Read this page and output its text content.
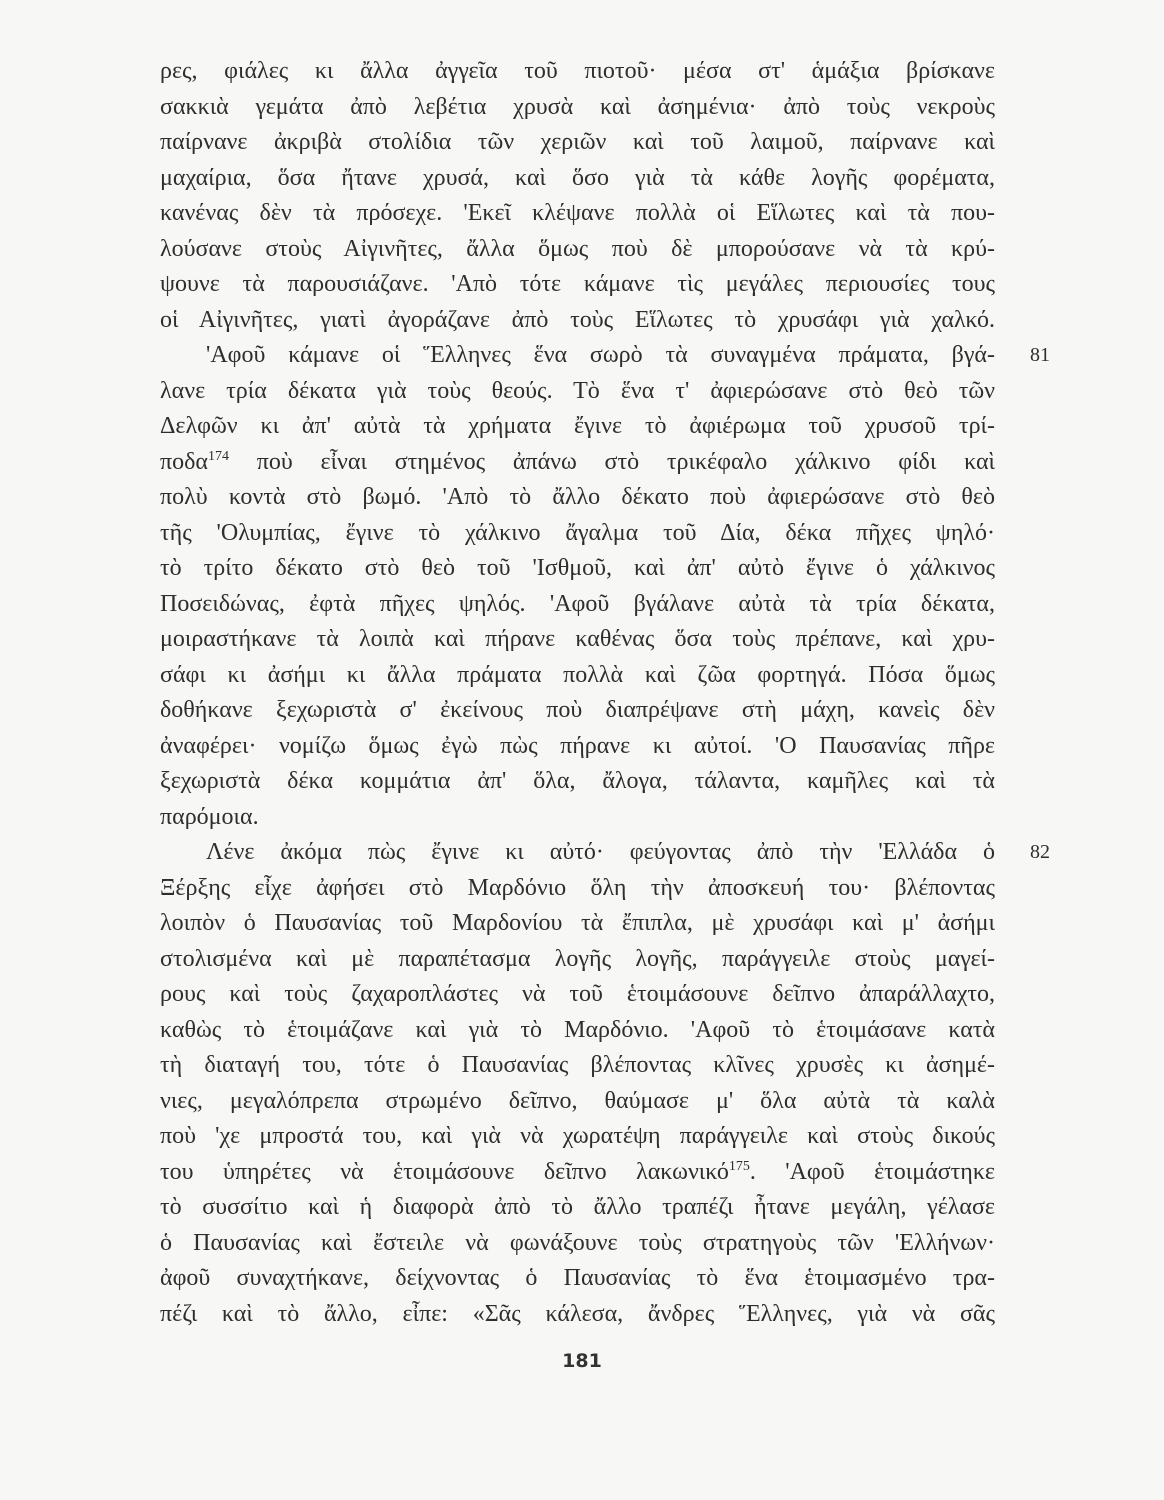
ρες, φιάλες κι ἄλλα ἀγγεῖα τοῦ πιοτοῦ· μέσα στ' ἁμάξια βρίσκανε
σακκιὰ γεμάτα ἀπὸ λεβέτια χρυσὰ καὶ ἀσημένια· ἀπὸ τοὺς νεκροὺς
παίρνανε ἀκριβὰ στολίδια τῶν χεριῶν καὶ τοῦ λαιμοῦ, παίρνανε καὶ
μαχαίρια, ὅσα ἤτανε χρυσά, καὶ ὅσο γιὰ τὰ κάθε λογῆς φορέματα,
κανένας δὲν τὰ πρόσεχε. 'Εκεῖ κλέψανε πολλὰ οἱ Εἵλωτες καὶ τὰ που-
λούσανε στοὺς Αἰγινῆτες, ἄλλα ὅμως ποὺ δὲ μπορούσανε νὰ τὰ κρύ-
ψουνε τὰ παρουσιάζανε. 'Απὸ τότε κάμανε τὶς μεγάλες περιουσίες τους
οἱ Αἰγινῆτες, γιατὶ ἀγοράζανε ἀπὸ τοὺς Εἵλωτες τὸ χρυσάφι γιὰ χαλκό.
'Αφοῦ κάμανε οἱ Ἕλληνες ἕνα σωρὸ τὰ συναγμένα πράματα, βγά- 81
λανε τρία δέκατα γιὰ τοὺς θεούς. Τὸ ἕνα τ' ἀφιερώσανε στὸ θεὸ τῶν
Δελφῶν κι ἀπ' αὐτὰ τὰ χρήματα ἔγινε τὸ ἀφιέρωμα τοῦ χρυσοῦ τρί-
ποδα$^{174}$ ποὺ εἶναι στημένος ἀπάνω στὸ τρικέφαλο χάλκινο φίδι καὶ
πολὺ κοντὰ στὸ βωμό. 'Απὸ τὸ ἄλλο δέκατο ποὺ ἀφιερώσανε στὸ θεὸ
τῆς 'Ολυμπίας, ἔγινε τὸ χάλκινο ἄγαλμα τοῦ Δία, δέκα πῆχες ψηλό·
τὸ τρίτο δέκατο στὸ θεὸ τοῦ 'Ισθμοῦ, καὶ ἀπ' αὐτὸ ἔγινε ὁ χάλκινος
Ποσειδώνας, ἐφτὰ πῆχες ψηλός. 'Αφοῦ βγάλανε αὐτὰ τὰ τρία δέκατα,
μοιραστήκανε τὰ λοιπὰ καὶ πήρανε καθένας ὅσα τοὺς πρέπανε, καὶ χρυ-
σάφι κι ἀσήμι κι ἄλλα πράματα πολλὰ καὶ ζῶα φορτηγά. Πόσα ὅμως
δοθήκανε ξεχωριστὰ σ' ἐκείνους ποὺ διαπρέψανε στὴ μάχη, κανεὶς δὲν
ἀναφέρει· νομίζω ὅμως ἐγὼ πὼς πήρανε κι αὐτοί. 'Ο Παυσανίας πῆρε
ξεχωριστὰ δέκα κομμάτια ἀπ' ὅλα, ἄλογα, τάλαντα, καμῆλες καὶ τὰ
παρόμοια.
Λένε ἀκόμα πὼς ἔγινε κι αὐτό· φεύγοντας ἀπὸ τὴν 'Ελλάδα ὁ 82
Ξέρξης εἶχε ἀφήσει στὸ Μαρδόνιο ὅλη τὴν ἀποσκευή του· βλέποντας
λοιπὸν ὁ Παυσανίας τοῦ Μαρδονίου τὰ ἔπιπλα, μὲ χρυσάφι καὶ μ' ἀσήμι
στολισμένα καὶ μὲ παραπέτασμα λογῆς λογῆς, παράγγειλε στοὺς μαγεί-
ρους καὶ τοὺς ζαχαροπλάστες νὰ τοῦ ἑτοιμάσουνε δεῖπνο ἀπαράλλαχτο,
καθὼς τὸ ἑτοιμάζανε καὶ γιὰ τὸ Μαρδόνιο. 'Αφοῦ τὸ ἑτοιμάσανε κατὰ
τὴ διαταγή του, τότε ὁ Παυσανίας βλέποντας κλῖνες χρυσὲς κι ἀσημέ-
νιες, μεγαλόπρεπα στρωμένο δεῖπνο, θαύμασε μ' ὅλα αὐτὰ τὰ καλὰ
ποὺ 'χε μπροστά του, καὶ γιὰ νὰ χωρατέψη παράγγειλε καὶ στοὺς δικούς
του ὑπηρέτες νὰ ἑτοιμάσουνε δεῖπνο λακωνικό$^{175}$. 'Αφοῦ ἑτοιμάστηκε
τὸ συσσίτιο καὶ ἡ διαφορὰ ἀπὸ τὸ ἄλλο τραπέζι ἦτανε μεγάλη, γέλασε
ὁ Παυσανίας καὶ ἔστειλε νὰ φωνάξουνε τοὺς στρατηγοὺς τῶν 'Ελλήνων·
ἀφοῦ συναχτήκανε, δείχνοντας ὁ Παυσανίας τὸ ἕνα ἑτοιμασμένο τρα-
πέζι καὶ τὸ ἄλλο, εἶπε: «Σᾶς κάλεσα, ἄνδρες Ἕλληνες, γιὰ νὰ σᾶς
181
